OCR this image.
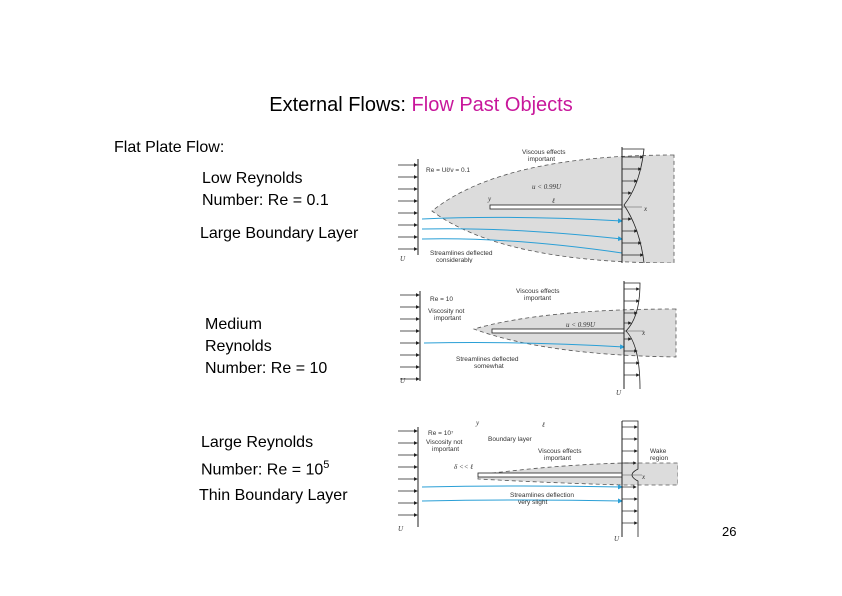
External Flows: Flow Past Objects
Flat Plate Flow:
Low Reynolds
Number: Re = 0.1
Large Boundary Layer
Medium
Reynolds
Number: Re = 10
Large Reynolds
Number: $Re = 10^5$
Thin Boundary Layer
Re = Uℓ/ν = 0.1
Viscous effects
important
u < 0.99U
y	ℓ
x
U
Streamlines deflected
considerably
Re = 10
Viscosity not
important
Viscous effects
important
u < 0.99U
x
U
U
Streamlines deflected
somewhat
Re = 10⁷
Viscosity not
important
Boundary layer
Viscous effects
important
Wake
region
δ << ℓ
y	ℓ
x
U
U
Streamlines deflection
very slight
26
